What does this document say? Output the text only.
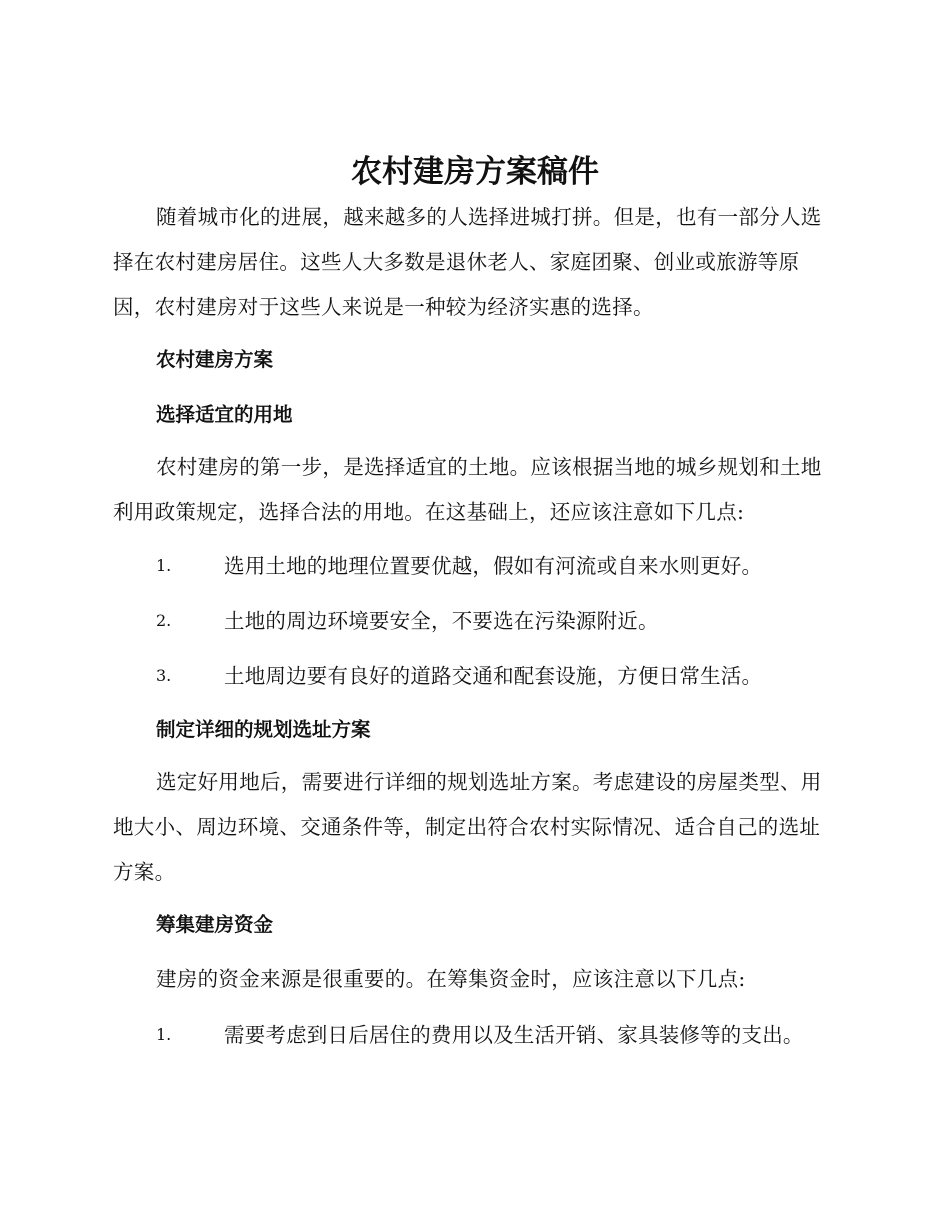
农村建房方案稿件

随着城市化的进展，越来越多的人选择进城打拼。但是，也有一部分人选择在农村建房居住。这些人大多数是退休老人、家庭团聚、创业或旅游等原因，农村建房对于这些人来说是一种较为经济实惠的选择。

农村建房方案
选择适宜的用地

农村建房的第一步，是选择适宜的土地。应该根据当地的城乡规划和土地利用政策规定，选择合法的用地。在这基础上，还应该注意如下几点:

1.	选用土地的地理位置要优越，假如有河流或自来水则更好。
2.	土地的周边环境要安全，不要选在污染源附近。
3.	土地周边要有良好的道路交通和配套设施，方便日常生活。
制定详细的规划选址方案

选定好用地后，需要进行详细的规划选址方案。考虑建设的房屋类型、用地大小、周边环境、交通条件等，制定出符合农村实际情况、适合自己的选址方案。

筹集建房资金

建房的资金来源是很重要的。在筹集资金时，应该注意以下几点:

1.	需要考虑到日后居住的费用以及生活开销、家具装修等的支出。
